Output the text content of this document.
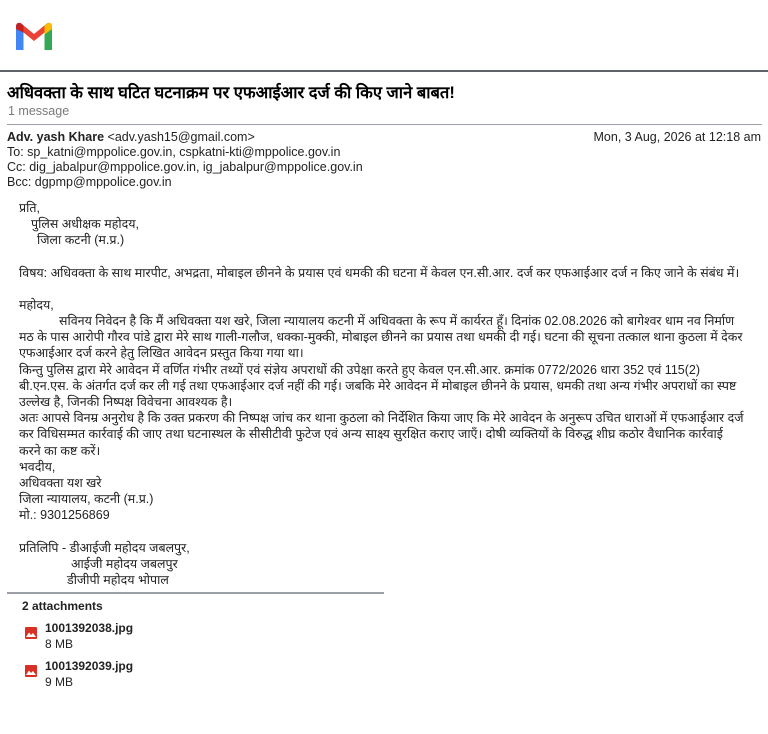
अधिवक्ता के साथ घटित घटनाक्रम पर एफआईआर दर्ज की किए जाने बाबत!
1 message
Adv. yash Khare <adv.yash15@gmail.com>	Mon, 3 Aug, 2026 at 12:18 am
To: sp_katni@mppolice.gov.in, cspkatni-kti@mppolice.gov.in
Cc: dig_jabalpur@mppolice.gov.in, ig_jabalpur@mppolice.gov.in
Bcc: dgpmp@mppolice.gov.in

प्रति,

पुलिस अधीक्षक महोदय,

जिला कटनी (म.प्र.)

विषय: अधिवक्ता के साथ मारपीट, अभद्रता, मोबाइल छीनने के प्रयास एवं धमकी की घटना में केवल एन.सी.आर. दर्ज कर एफआईआर दर्ज न किए जाने के संबंध में।

महोदय,

सविनय निवेदन है कि मैं अधिवक्ता यश खरे, जिला न्यायालय कटनी में अधिवक्ता के रूप में कार्यरत हूँ। दिनांक 02.08.2026 को बागेश्वर धाम नव निर्माण मठ के पास आरोपी गौरव पांडे द्वारा मेरे साथ गाली-गलौज, धक्का-मुक्की, मोबाइल छीनने का प्रयास तथा धमकी दी गई। घटना की सूचना तत्काल थाना कुठला में देकर एफआईआर दर्ज करने हेतु लिखित आवेदन प्रस्तुत किया गया था।

किन्तु पुलिस द्वारा मेरे आवेदन में वर्णित गंभीर तथ्यों एवं संज्ञेय अपराधों की उपेक्षा करते हुए केवल एन.सी.आर. क्रमांक 0772/2026 धारा 352 एवं 115(2) बी.एन.एस. के अंतर्गत दर्ज कर ली गई तथा एफआईआर दर्ज नहीं की गई। जबकि मेरे आवेदन में मोबाइल छीनने के प्रयास, धमकी तथा अन्य गंभीर अपराधों का स्पष्ट उल्लेख है, जिनकी निष्पक्ष विवेचना आवश्यक है।

अतः आपसे विनम्र अनुरोध है कि उक्त प्रकरण की निष्पक्ष जांच कर थाना कुठला को निर्देशित किया जाए कि मेरे आवेदन के अनुरूप उचित धाराओं में एफआईआर दर्ज कर विधिसम्मत कार्रवाई की जाए तथा घटनास्थल के सीसीटीवी फुटेज एवं अन्य साक्ष्य सुरक्षित कराए जाएँ। दोषी व्यक्तियों के विरुद्ध शीघ्र कठोर वैधानिक कार्रवाई करने का कष्ट करें।

भवदीय,

अधिवक्ता यश खरे

जिला न्यायालय, कटनी (म.प्र.)

मो.: 9301256869

प्रतिलिपि - डीआईजी महोदय जबलपुर,

आईजी महोदय जबलपुर

डीजीपी महोदय भोपाल

2 attachments
1001392038.jpg
8 MB
1001392039.jpg
9 MB
